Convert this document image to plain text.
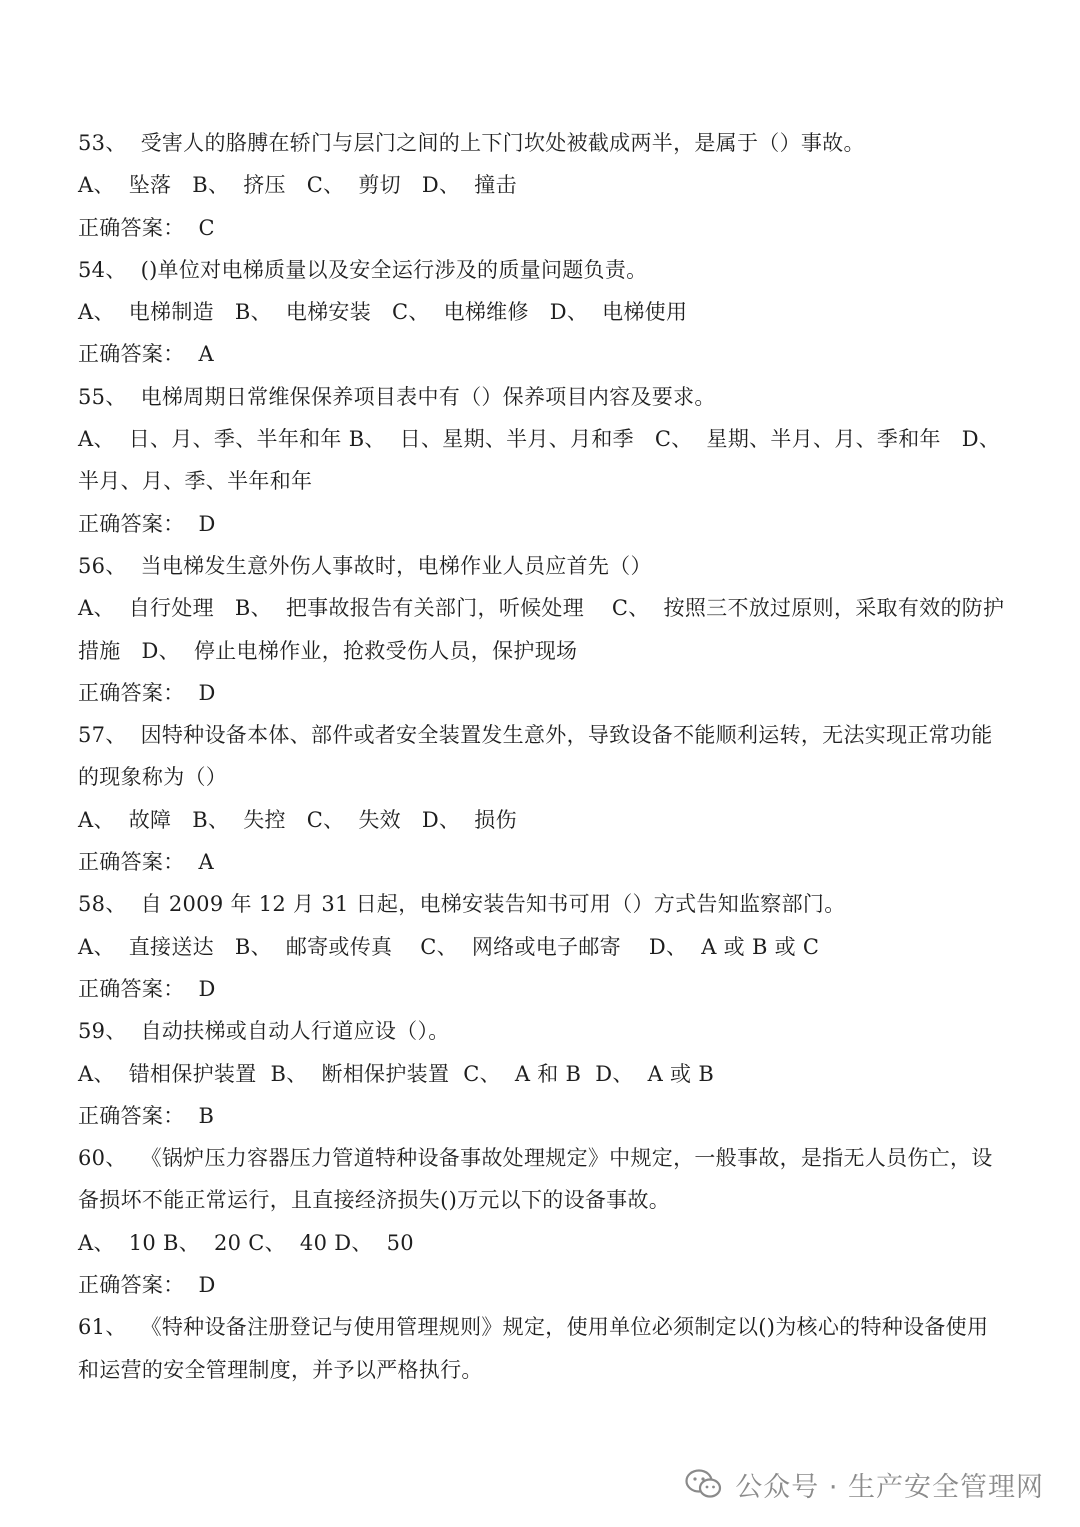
53、  受害人的胳膊在轿门与层门之间的上下门坎处被截成两半，是属于（）事故。
A、  坠落   B、  挤压   C、  剪切   D、  撞击
正确答案：  C
54、  ()单位对电梯质量以及安全运行涉及的质量问题负责。
A、  电梯制造   B、  电梯安装   C、  电梯维修   D、  电梯使用
正确答案：  A
55、  电梯周期日常维保保养项目表中有（）保养项目内容及要求。
A、  日、月、季、半年和年 B、  日、星期、半月、月和季   C、  星期、半月、月、季和年   D、
半月、月、季、半年和年
正确答案：  D
56、  当电梯发生意外伤人事故时，电梯作业人员应首先（）
A、  自行处理   B、  把事故报告有关部门，听候处理    C、  按照三不放过原则，采取有效的防护
措施   D、  停止电梯作业，抢救受伤人员，保护现场
正确答案：  D
57、  因特种设备本体、部件或者安全装置发生意外，导致设备不能顺利运转，无法实现正常功能
的现象称为（）
A、  故障   B、  失控   C、  失效   D、  损伤
正确答案：  A
58、  自 2009 年 12 月 31 日起，电梯安装告知书可用（）方式告知监察部门。
A、  直接送达   B、  邮寄或传真    C、  网络或电子邮寄    D、  A 或 B 或 C
正确答案：  D
59、  自动扶梯或自动人行道应设（）。
A、  错相保护装置  B、  断相保护装置  C、  A 和 B  D、  A 或 B
正确答案：  B
60、  《锅炉压力容器压力管道特种设备事故处理规定》中规定，一般事故，是指无人员伤亡，设
备损坏不能正常运行，且直接经济损失()万元以下的设备事故。
A、  10 B、  20 C、  40 D、  50
正确答案：  D
61、  《特种设备注册登记与使用管理规则》规定，使用单位必须制定以()为核心的特种设备使用
和运营的安全管理制度，并予以严格执行。
公众号 · 生产安全管理网
